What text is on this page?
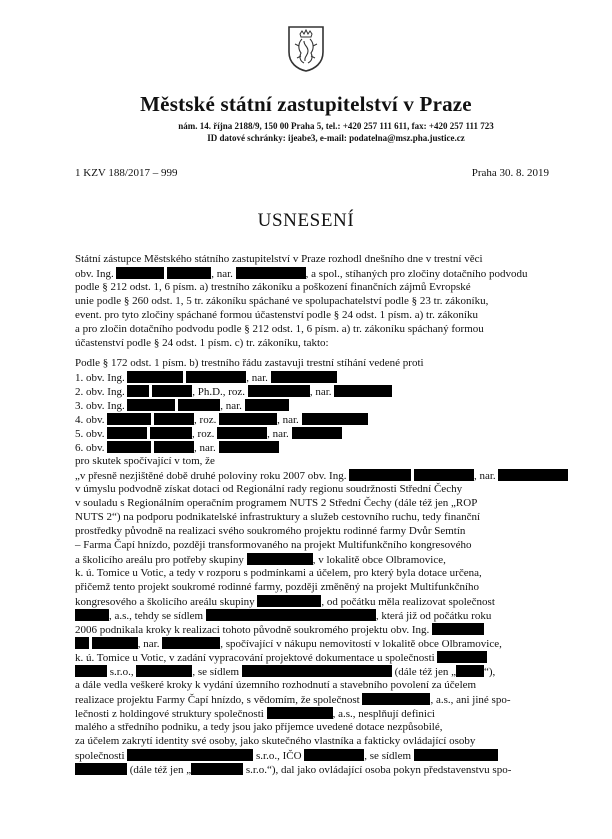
Městské státní zastupitelství v Praze
nám. 14. října 2188/9, 150 00 Praha 5, tel.: +420 257 111 611, fax: +420 257 111 723
ID datové schránky: ijeabe3, e-mail: podatelna@msz.pha.justice.cz
1 KZV 188/2017 – 999	Praha 30. 8. 2019
USNESENÍ
Státní zástupce Městského státního zastupitelství v Praze rozhodl dnešního dne v trestní věci
obv. Ing.	, nar.	, a spol., stíhaných pro zločiny dotačního podvodu
podle § 212 odst. 1, 6 písm. a) trestního zákoníku a poškození finančních zájmů Evropské
unie podle § 260 odst. 1, 5 tr. zákoníku spáchané ve spolupachatelství podle § 23 tr. zákoníku,
event. pro tyto zločiny spáchané formou účastenství podle § 24 odst. 1 písm. a) tr. zákoníku
a pro zločin dotačního podvodu podle § 212 odst. 1, 6 písm. a) tr. zákoníku spáchaný formou
účastenství podle § 24 odst. 1 písm. c) tr. zákoníku, takto:
Podle § 172 odst. 1 písm. b) trestního řádu zastavuji trestní stíhání vedené proti
1. obv. Ing.	, nar.
2. obv. Ing.	, Ph.D., roz.	, nar.
3. obv. Ing.	, nar.
4. obv.	, roz.	, nar.
5. obv.	, roz.	, nar.
6. obv.	, nar.
pro skutek spočívající v tom, že
„v přesně nezjištěné době druhé poloviny roku 2007 obv. Ing.	, nar.
v úmyslu podvodně získat dotaci od Regionální rady regionu soudržnosti Střední Čechy
v souladu s Regionálním operačním programem NUTS 2 Střední Čechy (dále též jen „ROP
NUTS 2“) na podporu podnikatelské infrastruktury a služeb cestovního ruchu, tedy finanční
prostředky původně na realizaci svého soukromého projektu rodinné farmy Dvůr Semtín
– Farma Čapí hnízdo, později transformovaného na projekt Multifunkčního kongresového
a školicího areálu pro potřeby skupiny	, v lokalitě obce Olbramovice,
k. ú. Tomice u Votic, a tedy v rozporu s podmínkami a účelem, pro který byla dotace určena,
přičemž tento projekt soukromé rodinné farmy, později změněný na projekt Multifunkčního
kongresového a školicího areálu skupiny	, od počátku měla realizovat společnost
, a.s., tehdy se sídlem	, která již od počátku roku
2006 podnikala kroky k realizaci tohoto původně soukromého projektu obv. Ing.
, nar.	, spočívající v nákupu nemovitostí v lokalitě obce Olbramovice,
k. ú. Tomice u Votic, v zadání vypracování projektové dokumentace u společnosti
s.r.o.,	, se sídlem	(dále též jen „	“),
a dále vedla veškeré kroky k vydání územního rozhodnutí a stavebního povolení za účelem
realizace projektu Farmy Čapí hnízdo, s vědomím, že společnost	, a.s., ani jiné spo-
lečnosti z holdingové struktury společnosti	, a.s., nesplňují definici
malého a středního podniku, a tedy jsou jako příjemce uvedené dotace nezpůsobilé,
za účelem zakrytí identity své osoby, jako skutečného vlastníka a fakticky ovládající osoby
společnosti	s.r.o., IČO	, se sídlem
(dále též jen „	s.r.o.“), dal jako ovládající osoba pokyn představenstvu spo-
